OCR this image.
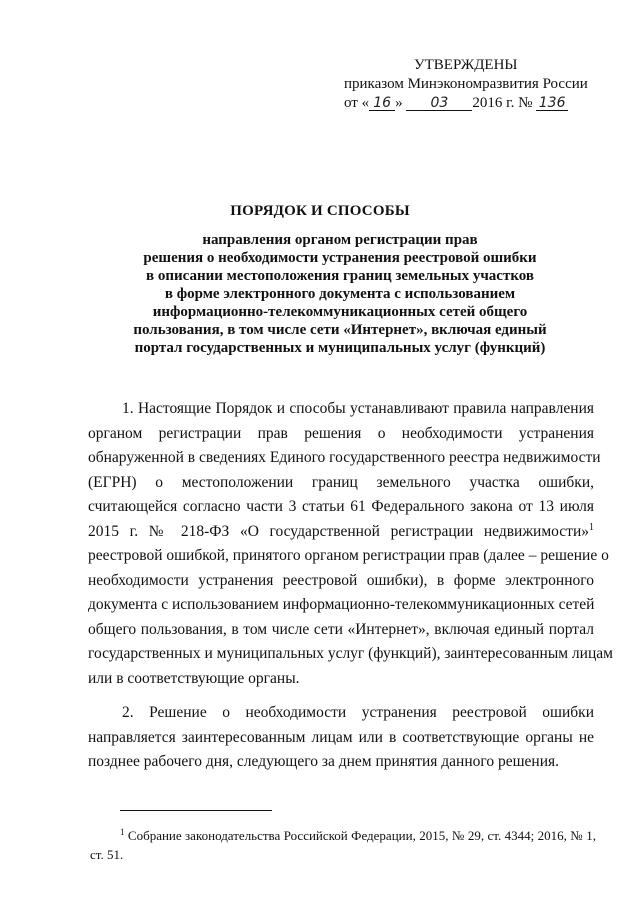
УТВЕРЖДЕНЫ
приказом Минэкономразвития России
от « 16 » 03 2016 г. № 136
ПОРЯДОК И СПОСОБЫ
направления органом регистрации прав
решения о необходимости устранения реестровой ошибки
в описании местоположения границ земельных участков
в форме электронного документа с использованием
информационно-телекоммуникационных сетей общего
пользования, в том числе сети «Интернет», включая единый
портал государственных и муниципальных услуг (функций)
1. Настоящие Порядок и способы устанавливают правила направления
органом регистрации прав решения о необходимости устранения
обнаруженной в сведениях Единого государственного реестра недвижимости
(ЕГРН) о местоположении границ земельного участка ошибки,
считающейся согласно части 3 статьи 61 Федерального закона от 13 июля
2015 г. № 218-ФЗ «О государственной регистрации недвижимости»$^1$
реестровой ошибкой, принятого органом регистрации прав (далее – решение о
необходимости устранения реестровой ошибки), в форме электронного
документа с использованием информационно-телекоммуникационных сетей
общего пользования, в том числе сети «Интернет», включая единый портал
государственных и муниципальных услуг (функций), заинтересованным лицам
или в соответствующие органы.
2. Решение о необходимости устранения реестровой ошибки
направляется заинтересованным лицам или в соответствующие органы не
позднее рабочего дня, следующего за днем принятия данного решения.
$^1$ Собрание законодательства Российской Федерации, 2015, № 29, ст. 4344; 2016, № 1,
ст. 51.
